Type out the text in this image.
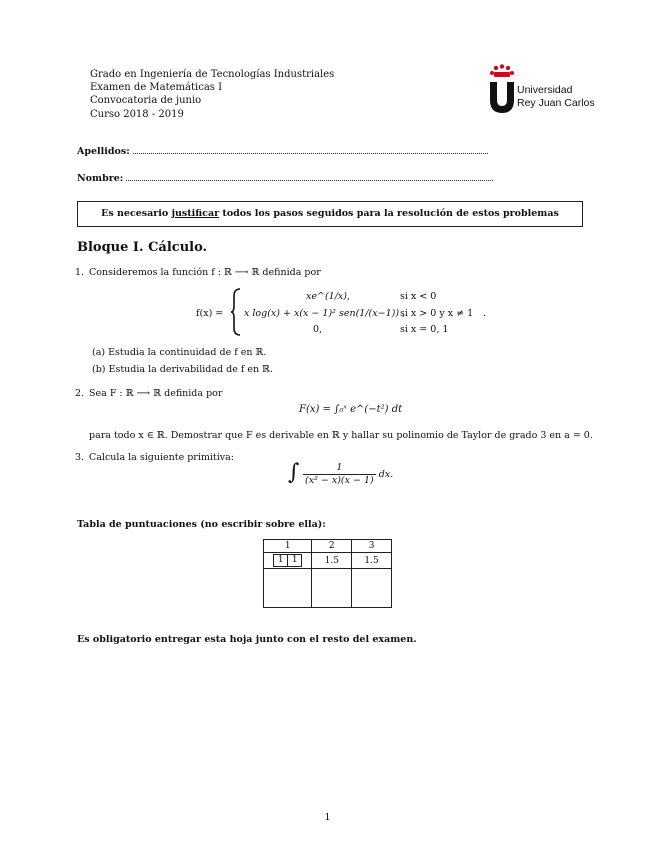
Grado en Ingeniería de Tecnologías Industriales
Examen de Matemáticas I
Convocatoria de junio
Curso 2018 - 2019
Universidad
Rey Juan Carlos
Apellidos:
Nombre:
Es necesario justificar todos los pasos seguidos para la resolución de estos problemas
Bloque I. Cálculo.
1. Consideremos la función f : ℝ ⟶ ℝ definida por
f(x) =
xe^(1/x),	si x < 0
x log(x) + x(x − 1)² sen(1/(x−1)) ,
si x > 0 y x ≠ 1 .
0,	si x = 0, 1
(a) Estudia la continuidad de f en ℝ.
(b) Estudia la derivabilidad de f en ℝ.
2. Sea F : ℝ ⟶ ℝ definida por
F(x) = ∫₀ˣ e^(−t²) dt
para todo x ∈ ℝ. Demostrar que F es derivable en ℝ y hallar su polinomio de Taylor de grado 3 en a = 0.
3. Calcula la siguiente primitiva:
∫ $\frac{1}{\text{(x² − x)(x − 1)}}$ dx.
Tabla de puntuaciones (no escribir sobre ella):
1	2	3
1 1	1.5	1.5

Es obligatorio entregar esta hoja junto con el resto del examen.
1
